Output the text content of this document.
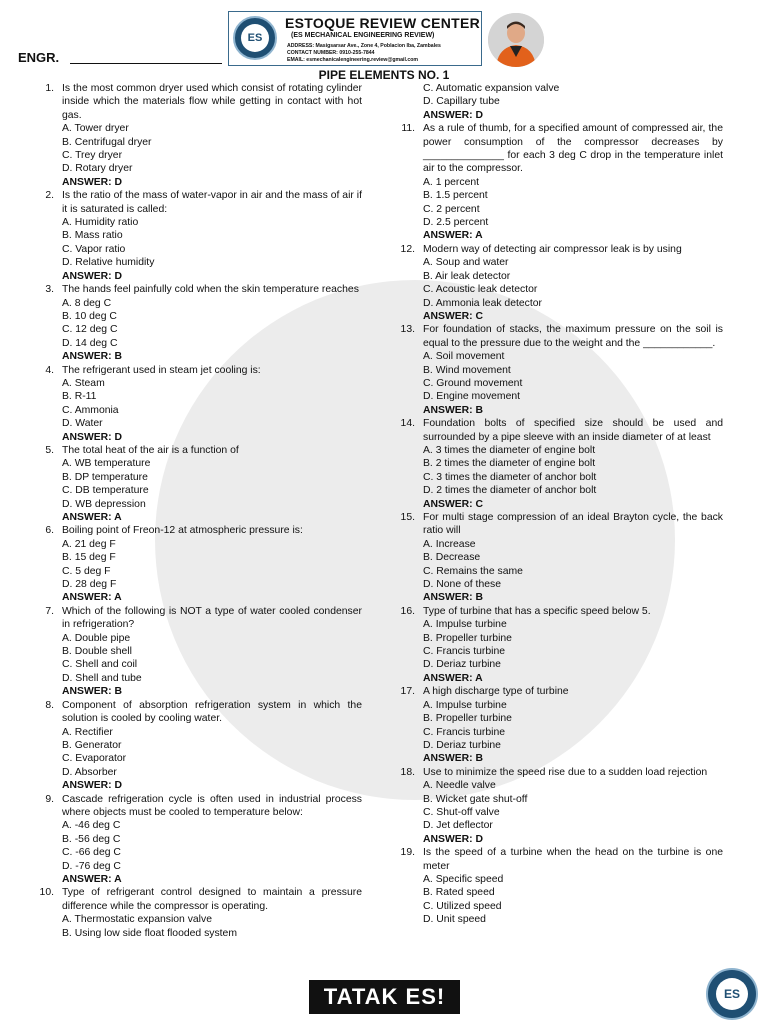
ES
ESTOQUE REVIEW CENTER
(ES MECHANICAL ENGINEERING REVIEW)
ADDRESS: Masigsarsar Ave., Zone 4, Poblacion Iba, Zambales
CONTACT NUMBER: 0910-255-7844
EMAIL: esmechanicalengineering.review@gmail.com
ENGR.
PIPE ELEMENTS NO. 1
1. Is the most common dryer used which consist of rotating cylinder inside which the materials flow while getting in contact with hot gas.
A. Tower dryer
B. Centrifugal dryer
C. Trey dryer
D. Rotary dryer
ANSWER: D
2. Is the ratio of the mass of water-vapor in air and the mass of air if it is saturated is called:
A. Humidity ratio
B. Mass ratio
C. Vapor ratio
D. Relative humidity
ANSWER: D
3. The hands feel painfully cold when the skin temperature reaches
A. 8 deg C
B. 10 deg C
C. 12 deg C
D. 14 deg C
ANSWER: B
4. The refrigerant used in steam jet cooling is:
A. Steam
B. R-11
C. Ammonia
D. Water
ANSWER: D
5. The total heat of the air is a function of
A. WB temperature
B. DP temperature
C. DB temperature
D. WB depression
ANSWER: A
6. Boiling point of Freon-12 at atmospheric pressure is:
A. 21 deg F
B. 15 deg F
C. 5 deg F
D. 28 deg F
ANSWER: A
7. Which of the following is NOT a type of water cooled condenser in refrigeration?
A. Double pipe
B. Double shell
C. Shell and coil
D. Shell and tube
ANSWER: B
8. Component of absorption refrigeration system in which the solution is cooled by cooling water.
A. Rectifier
B. Generator
C. Evaporator
D. Absorber
ANSWER: D
9. Cascade refrigeration cycle is often used in industrial process where objects must be cooled to temperature below:
A. -46 deg C
B. -56 deg C
C. -66 deg C
D. -76 deg C
ANSWER: A
10. Type of refrigerant control designed to maintain a pressure difference while the compressor is operating.
A. Thermostatic expansion valve
B. Using low side float flooded system
C. Automatic expansion valve
D. Capillary tube
ANSWER: D
11. As a rule of thumb, for a specified amount of compressed air, the power consumption of the compressor decreases by ______________ for each 3 deg C drop in the temperature inlet air to the compressor.
A. 1 percent
B. 1.5 percent
C. 2 percent
D. 2.5 percent
ANSWER: A
12. Modern way of detecting air compressor leak is by using
A. Soup and water
B. Air leak detector
C. Acoustic leak detector
D. Ammonia leak detector
ANSWER: C
13. For foundation of stacks, the maximum pressure on the soil is equal to the pressure due to the weight and the ____________.
A. Soil movement
B. Wind movement
C. Ground movement
D. Engine movement
ANSWER: B
14. Foundation bolts of specified size should be used and surrounded by a pipe sleeve with an inside diameter of at least
A. 3 times the diameter of engine bolt
B. 2 times the diameter of engine bolt
C. 3 times the diameter of anchor bolt
D. 2 times the diameter of anchor bolt
ANSWER: C
15. For multi stage compression of an ideal Brayton cycle, the back ratio will
A. Increase
B. Decrease
C. Remains the same
D. None of these
ANSWER: B
16. Type of turbine that has a specific speed below 5.
A. Impulse turbine
B. Propeller turbine
C. Francis turbine
D. Deriaz turbine
ANSWER: A
17. A high discharge type of turbine
A. Impulse turbine
B. Propeller turbine
C. Francis turbine
D. Deriaz turbine
ANSWER: B
18. Use to minimize the speed rise due to a sudden load rejection
A. Needle valve
B. Wicket gate shut-off
C. Shut-off valve
D. Jet deflector
ANSWER: D
19. Is the speed of a turbine when the head on the turbine is one meter
A. Specific speed
B. Rated speed
C. Utilized speed
D. Unit speed
TATAK ES!	ES
